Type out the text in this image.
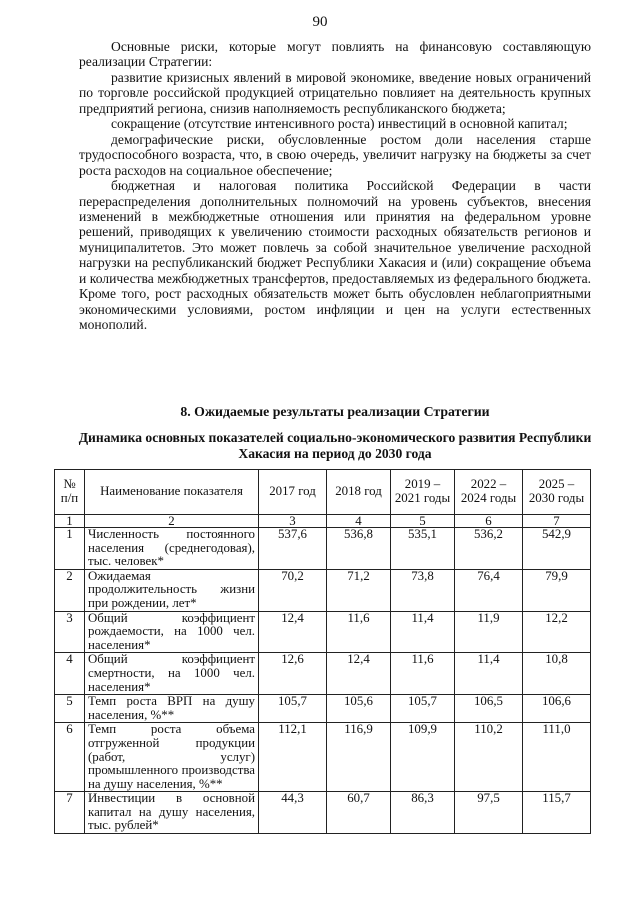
90

Основные риски, которые могут повлиять на финансовую составляющую реализации Стратегии:

развитие кризисных явлений в мировой экономике, введение новых ограничений по торговле российской продукцией отрицательно повлияет на деятельность крупных предприятий региона, снизив наполняемость республиканского бюджета;

сокращение (отсутствие интенсивного роста) инвестиций в основной капитал;

демографические риски, обусловленные ростом доли населения старше трудоспособного возраста, что, в свою очередь, увеличит нагрузку на бюджеты за счет роста расходов на социальное обеспечение;

бюджетная и налоговая политика Российской Федерации в части перераспределения дополнительных полномочий на уровень субъектов, внесения изменений в межбюджетные отношения или принятия на федеральном уровне решений, приводящих к увеличению стоимости расходных обязательств регионов и муниципалитетов. Это может повлечь за собой значительное увеличение расходной нагрузки на республиканский бюджет Республики Хакасия и (или) сокращение объема и количества межбюджетных трансфертов, предоставляемых из федерального бюджета. Кроме того, рост расходных обязательств может быть обусловлен неблагоприятными экономическими условиями, ростом инфляции и цен на услуги естественных монополий.

8. Ожидаемые результаты реализации Стратегии
Динамика основных показателей социально-экономического развития Республики Хакасия на период до 2030 года
№ п/п	Наименование показателя	2017 год	2018 год	2019 – 2021 годы	2022 – 2024 годы	2025 – 2030 годы
1	2	3	4	5	6	7
1	Численность постоянного населения (среднегодовая), тыс. человек*	537,6	536,8	535,1	536,2	542,9
2	Ожидаемая продолжительность жизни при рождении, лет*	70,2	71,2	73,8	76,4	79,9
3	Общий коэффициент рождаемости, на 1000 чел. населения*	12,4	11,6	11,4	11,9	12,2
4	Общий коэффициент смертности, на 1000 чел. населения*	12,6	12,4	11,6	11,4	10,8
5	Темп роста ВРП на душу населения, %**	105,7	105,6	105,7	106,5	106,6
6	Темп роста объема отгруженной продукции (работ, услуг) промышленного производства на душу населения, %**	112,1	116,9	109,9	110,2	111,0
7	Инвестиции в основной капитал на душу населения, тыс. рублей*	44,3	60,7	86,3	97,5	115,7
